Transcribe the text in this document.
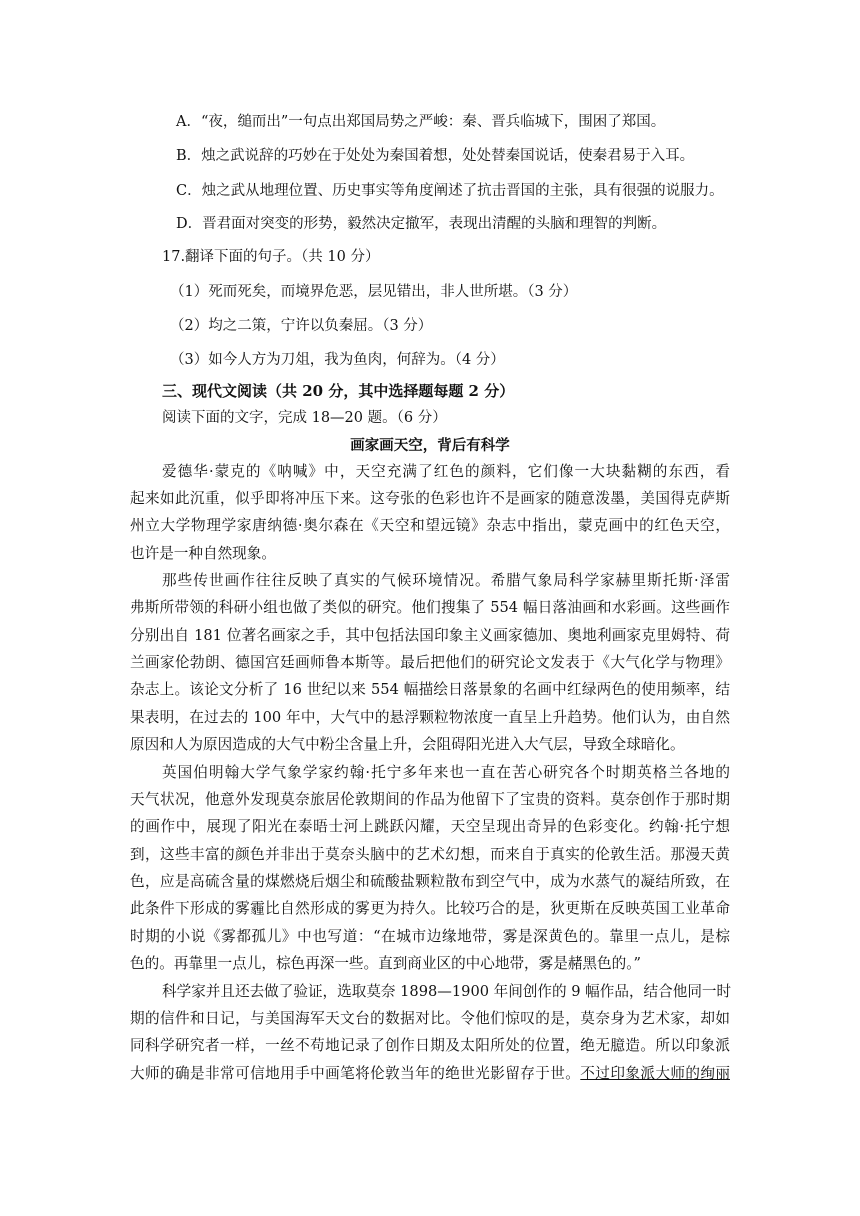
A．“夜，缒而出”一句点出郑国局势之严峻：秦、晋兵临城下，围困了郑国。
B．烛之武说辞的巧妙在于处处为秦国着想，处处替秦国说话，使秦君易于入耳。
C．烛之武从地理位置、历史事实等角度阐述了抗击晋国的主张，具有很强的说服力。
D．晋君面对突变的形势，毅然决定撤军，表现出清醒的头脑和理智的判断。
17.翻译下面的句子。（共 10 分）
（1）死而死矣，而境界危恶，层见错出，非人世所堪。（3 分）
（2）均之二策，宁许以负秦屈。（3 分）
（3）如今人方为刀俎，我为鱼肉，何辞为。（4 分）
三、现代文阅读（共 20 分，其中选择题每题 2 分）
阅读下面的文字，完成 18—20 题。（6 分）
画家画天空，背后有科学
爱德华·蒙克的《呐喊》中，天空充满了红色的颜料，它们像一大块黏糊的东西，看
起来如此沉重，似乎即将冲压下来。这夸张的色彩也许不是画家的随意泼墨，美国得克萨斯
州立大学物理学家唐纳德·奥尔森在《天空和望远镜》杂志中指出，蒙克画中的红色天空，
也许是一种自然现象。
那些传世画作往往反映了真实的气候环境情况。希腊气象局科学家赫里斯托斯·泽雷
弗斯所带领的科研小组也做了类似的研究。他们搜集了 554 幅日落油画和水彩画。这些画作
分别出自 181 位著名画家之手，其中包括法国印象主义画家德加、奥地利画家克里姆特、荷
兰画家伦勃朗、德国宫廷画师鲁本斯等。最后把他们的研究论文发表于《大气化学与物理》
杂志上。该论文分析了 16 世纪以来 554 幅描绘日落景象的名画中红绿两色的使用频率，结
果表明，在过去的 100 年中，大气中的悬浮颗粒物浓度一直呈上升趋势。他们认为，由自然
原因和人为原因造成的大气中粉尘含量上升，会阻碍阳光进入大气层，导致全球暗化。
英国伯明翰大学气象学家约翰·托宁多年来也一直在苦心研究各个时期英格兰各地的
天气状况，他意外发现莫奈旅居伦敦期间的作品为他留下了宝贵的资料。莫奈创作于那时期
的画作中，展现了阳光在泰晤士河上跳跃闪耀，天空呈现出奇异的色彩变化。约翰·托宁想
到，这些丰富的颜色并非出于莫奈头脑中的艺术幻想，而来自于真实的伦敦生活。那漫天黄
色，应是高硫含量的煤燃烧后烟尘和硫酸盐颗粒散布到空气中，成为水蒸气的凝结所致，在
此条件下形成的雾霾比自然形成的雾更为持久。比较巧合的是，狄更斯在反映英国工业革命
时期的小说《雾都孤儿》中也写道：“在城市边缘地带，雾是深黄色的。靠里一点儿，是棕
色的。再靠里一点儿，棕色再深一些。直到商业区的中心地带，雾是赭黑色的。”
科学家并且还去做了验证，选取莫奈 1898—1900 年间创作的 9 幅作品，结合他同一时
期的信件和日记，与美国海军天文台的数据对比。令他们惊叹的是，莫奈身为艺术家，却如
同科学研究者一样，一丝不苟地记录了创作日期及太阳所处的位置，绝无臆造。所以印象派
大师的确是非常可信地用手中画笔将伦敦当年的绝世光影留存于世。不过印象派大师的绚丽
